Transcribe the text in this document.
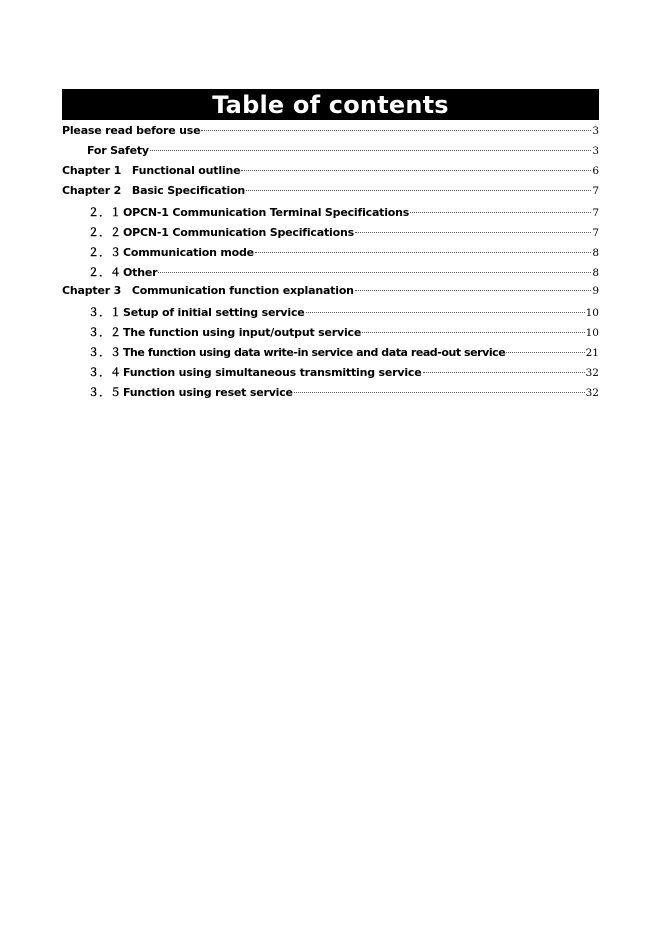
Table of contents
Please read before use	3
For Safety	3
Chapter 1   Functional outline	6
Chapter 2   Basic Specification	7
２．１ OPCN-1 Communication Terminal Specifications	7
２．２ OPCN-1 Communication Specifications	7
２．３ Communication mode	8
２．４ Other	8
Chapter 3   Communication function explanation	9
３．１ Setup of initial setting service	10
３．２ The function using input/output service	10
３．３ The function using data write-in service and data read-out service	21
３．４ Function using simultaneous transmitting service	32
３．５ Function using reset service	32
